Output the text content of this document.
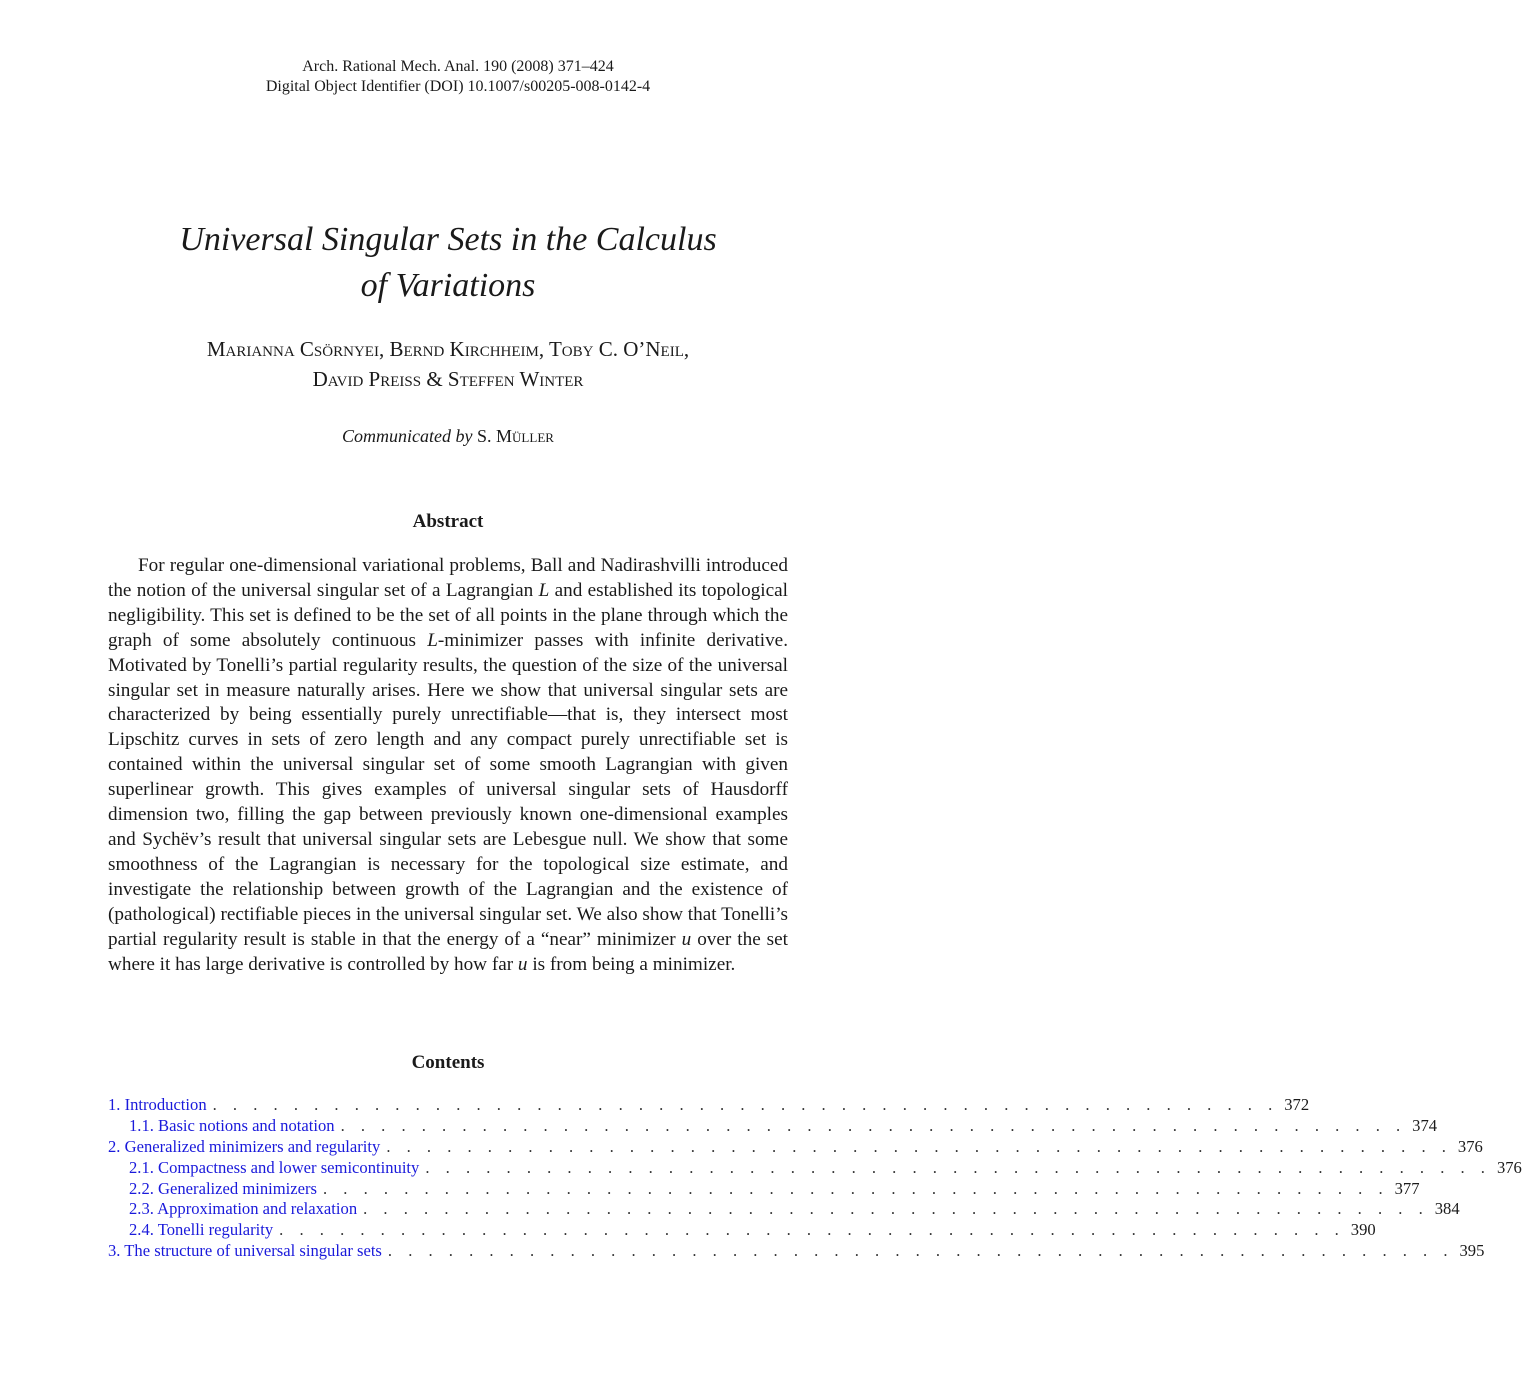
Arch. Rational Mech. Anal. 190 (2008) 371–424
Digital Object Identifier (DOI) 10.1007/s00205-008-0142-4
Universal Singular Sets in the Calculus
of Variations
Marianna Csörnyei, Bernd Kirchheim, Toby C. O’Neil,
David Preiss & Steffen Winter
Communicated by S. Müller
Abstract

For regular one-dimensional variational problems, Ball and Nadirashvilli introduced the notion of the universal singular set of a Lagrangian L and established its topological negligibility. This set is defined to be the set of all points in the plane through which the graph of some absolutely continuous L-minimizer passes with infinite derivative. Motivated by Tonelli’s partial regularity results, the question of the size of the universal singular set in measure naturally arises. Here we show that universal singular sets are characterized by being essentially purely unrectifiable—that is, they intersect most Lipschitz curves in sets of zero length and any compact purely unrectifiable set is contained within the universal singular set of some smooth Lagrangian with given superlinear growth. This gives examples of universal singular sets of Hausdorff dimension two, filling the gap between previously known one-dimensional examples and Sychëv’s result that universal singular sets are Lebesgue null. We show that some smoothness of the Lagrangian is necessary for the topological size estimate, and investigate the relationship between growth of the Lagrangian and the existence of (pathological) rectifiable pieces in the universal singular set. We also show that Tonelli’s partial regularity result is stable in that the energy of a “near” minimizer u over the set where it has large derivative is controlled by how far u is from being a minimizer.

Contents
1. Introduction . . . . . . . . . . . . . . . . . . . . . . . . . . . . . . . . . . . . . . . . . . . . . . . . . . . . . 372
1.1. Basic notions and notation . . . . . . . . . . . . . . . . . . . . . . . . . . . . . . . . . . . . . . . . . . . . . . . . . . . . . 374
2. Generalized minimizers and regularity . . . . . . . . . . . . . . . . . . . . . . . . . . . . . . . . . . . . . . . . . . . . . . . . . . . . . 376
2.1. Compactness and lower semicontinuity . . . . . . . . . . . . . . . . . . . . . . . . . . . . . . . . . . . . . . . . . . . . . . . . . . . . . 376
2.2. Generalized minimizers . . . . . . . . . . . . . . . . . . . . . . . . . . . . . . . . . . . . . . . . . . . . . . . . . . . . . 377
2.3. Approximation and relaxation . . . . . . . . . . . . . . . . . . . . . . . . . . . . . . . . . . . . . . . . . . . . . . . . . . . . . 384
2.4. Tonelli regularity . . . . . . . . . . . . . . . . . . . . . . . . . . . . . . . . . . . . . . . . . . . . . . . . . . . . . 390
3. The structure of universal singular sets . . . . . . . . . . . . . . . . . . . . . . . . . . . . . . . . . . . . . . . . . . . . . . . . . . . . . 395
